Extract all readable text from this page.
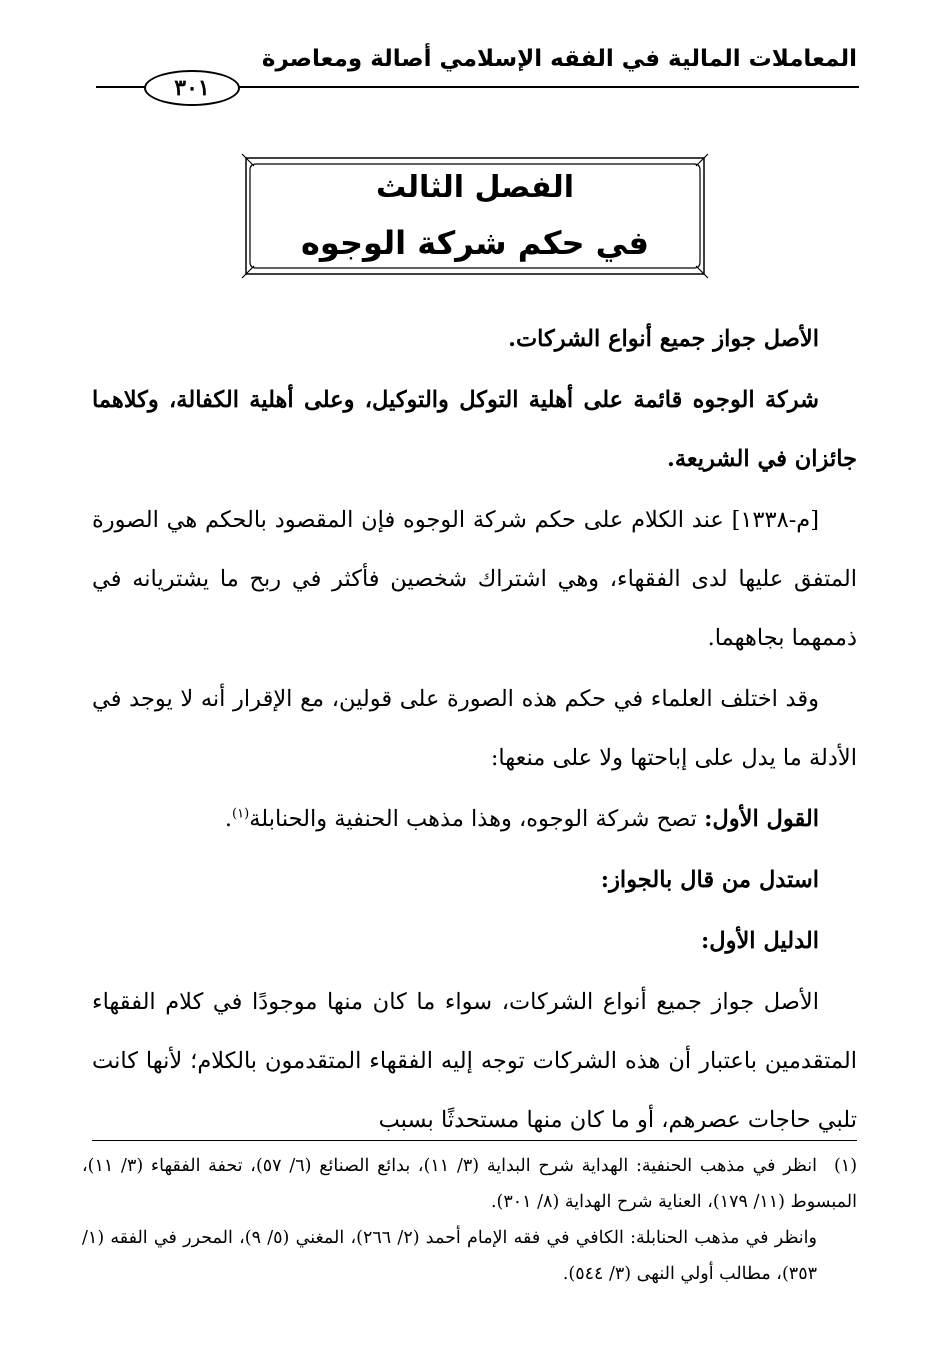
المعاملات المالية في الفقه الإسلامي أصالة ومعاصرة
٣٠١
الفصل الثالث
في حكم شركة الوجوه

الأصل جواز جميع أنواع الشركات.

شركة الوجوه قائمة على أهلية التوكل والتوكيل، وعلى أهلية الكفالة، وكلاهما جائزان في الشريعة.

[م-١٣٣٨] عند الكلام على حكم شركة الوجوه فإن المقصود بالحكم هي الصورة المتفق عليها لدى الفقهاء، وهي اشتراك شخصين فأكثر في ربح ما يشتريانه في ذممهما بجاههما.

وقد اختلف العلماء في حكم هذه الصورة على قولين، مع الإقرار أنه لا يوجد في الأدلة ما يدل على إباحتها ولا على منعها:

القول الأول: تصح شركة الوجوه، وهذا مذهب الحنفية والحنابلة$^{(١)}$.

استدل من قال بالجواز:

الدليل الأول:

الأصل جواز جميع أنواع الشركات، سواء ما كان منها موجودًا في كلام الفقهاء المتقدمين باعتبار أن هذه الشركات توجه إليه الفقهاء المتقدمون بالكلام؛ لأنها كانت تلبي حاجات عصرهم، أو ما كان منها مستحدثًا بسبب

(١)انظر في مذهب الحنفية: الهداية شرح البداية (٣/ ١١)، بدائع الصنائع (٦/ ٥٧)، تحفة الفقهاء (٣/ ١١)، المبسوط (١١/ ١٧٩)، العناية شرح الهداية (٨/ ٣٠١).

وانظر في مذهب الحنابلة: الكافي في فقه الإمام أحمد (٢/ ٢٦٦)، المغني (٥/ ٩)، المحرر في الفقه (١/ ٣٥٣)، مطالب أولي النهى (٣/ ٥٤٤).
